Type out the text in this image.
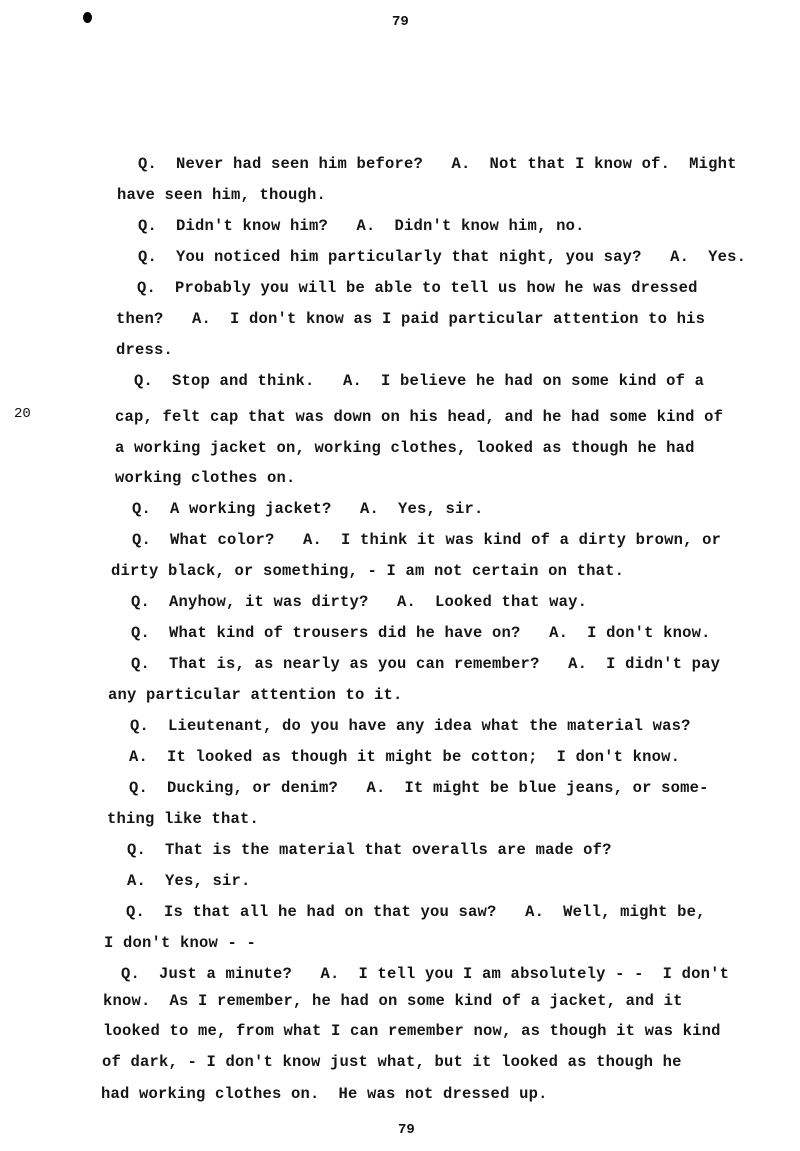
79
20
Q.  Never had seen him before?   A.  Not that I know of.  Might
have seen him, though.
Q.  Didn't know him?   A.  Didn't know him, no.
Q.  You noticed him particularly that night, you say?   A.  Yes.
Q.  Probably you will be able to tell us how he was dressed
then?   A.  I don't know as I paid particular attention to his
dress.
Q.  Stop and think.   A.  I believe he had on some kind of a
cap, felt cap that was down on his head, and he had some kind of
a working jacket on, working clothes, looked as though he had
working clothes on.
Q.  A working jacket?   A.  Yes, sir.
Q.  What color?   A.  I think it was kind of a dirty brown, or
dirty black, or something, - I am not certain on that.
Q.  Anyhow, it was dirty?   A.  Looked that way.
Q.  What kind of trousers did he have on?   A.  I don't know.
Q.  That is, as nearly as you can remember?   A.  I didn't pay
any particular attention to it.
Q.  Lieutenant, do you have any idea what the material was?
A.  It looked as though it might be cotton;  I don't know.
Q.  Ducking, or denim?   A.  It might be blue jeans, or some-
thing like that.
Q.  That is the material that overalls are made of?
A.  Yes, sir.
Q.  Is that all he had on that you saw?   A.  Well, might be,
I don't know - -
Q.  Just a minute?   A.  I tell you I am absolutely - -  I don't
know.  As I remember, he had on some kind of a jacket, and it
looked to me, from what I can remember now, as though it was kind
of dark, - I don't know just what, but it looked as though he
had working clothes on.  He was not dressed up.
79
